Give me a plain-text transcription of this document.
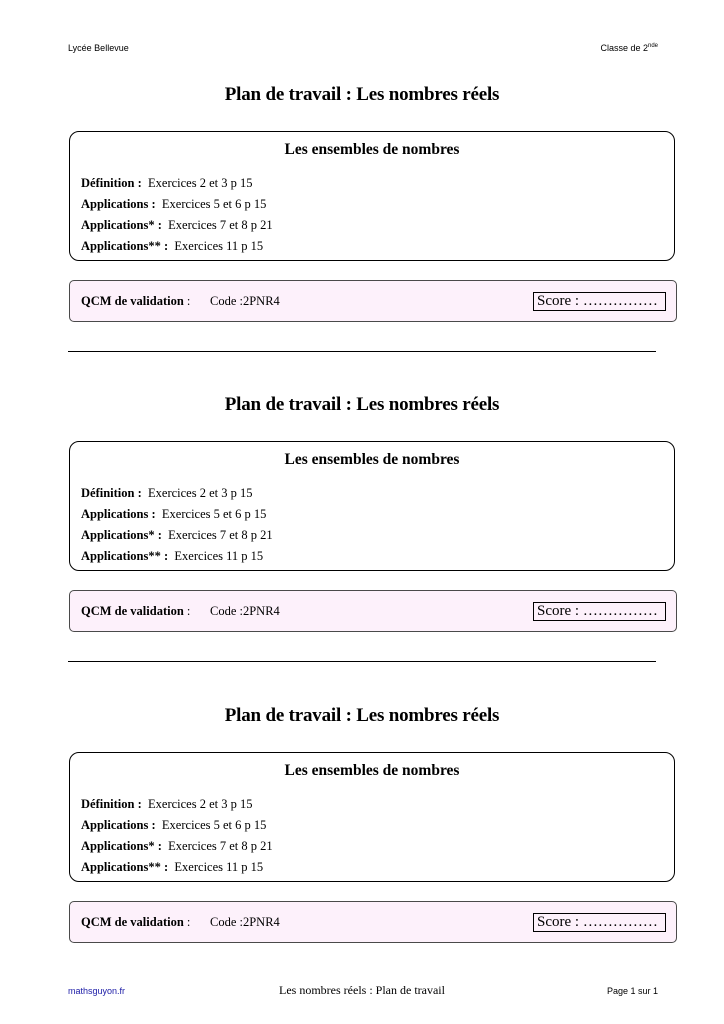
Lycée Bellevue	Classe de 2nde
Plan de travail : Les nombres réels
Les ensembles de nombres
Définition : Exercices 2 et 3 p 15
Applications : Exercices 5 et 6 p 15
Applications* : Exercices 7 et 8 p 21
Applications** : Exercices 11 p 15
QCM de validation : Code :2PNR4	Score : ……………
Plan de travail : Les nombres réels
Les ensembles de nombres
Définition : Exercices 2 et 3 p 15
Applications : Exercices 5 et 6 p 15
Applications* : Exercices 7 et 8 p 21
Applications** : Exercices 11 p 15
QCM de validation : Code :2PNR4	Score : ……………
Plan de travail : Les nombres réels
Les ensembles de nombres
Définition : Exercices 2 et 3 p 15
Applications : Exercices 5 et 6 p 15
Applications* : Exercices 7 et 8 p 21
Applications** : Exercices 11 p 15
QCM de validation : Code :2PNR4	Score : ……………
mathsguyon.fr	Les nombres réels : Plan de travail	Page 1 sur 1
